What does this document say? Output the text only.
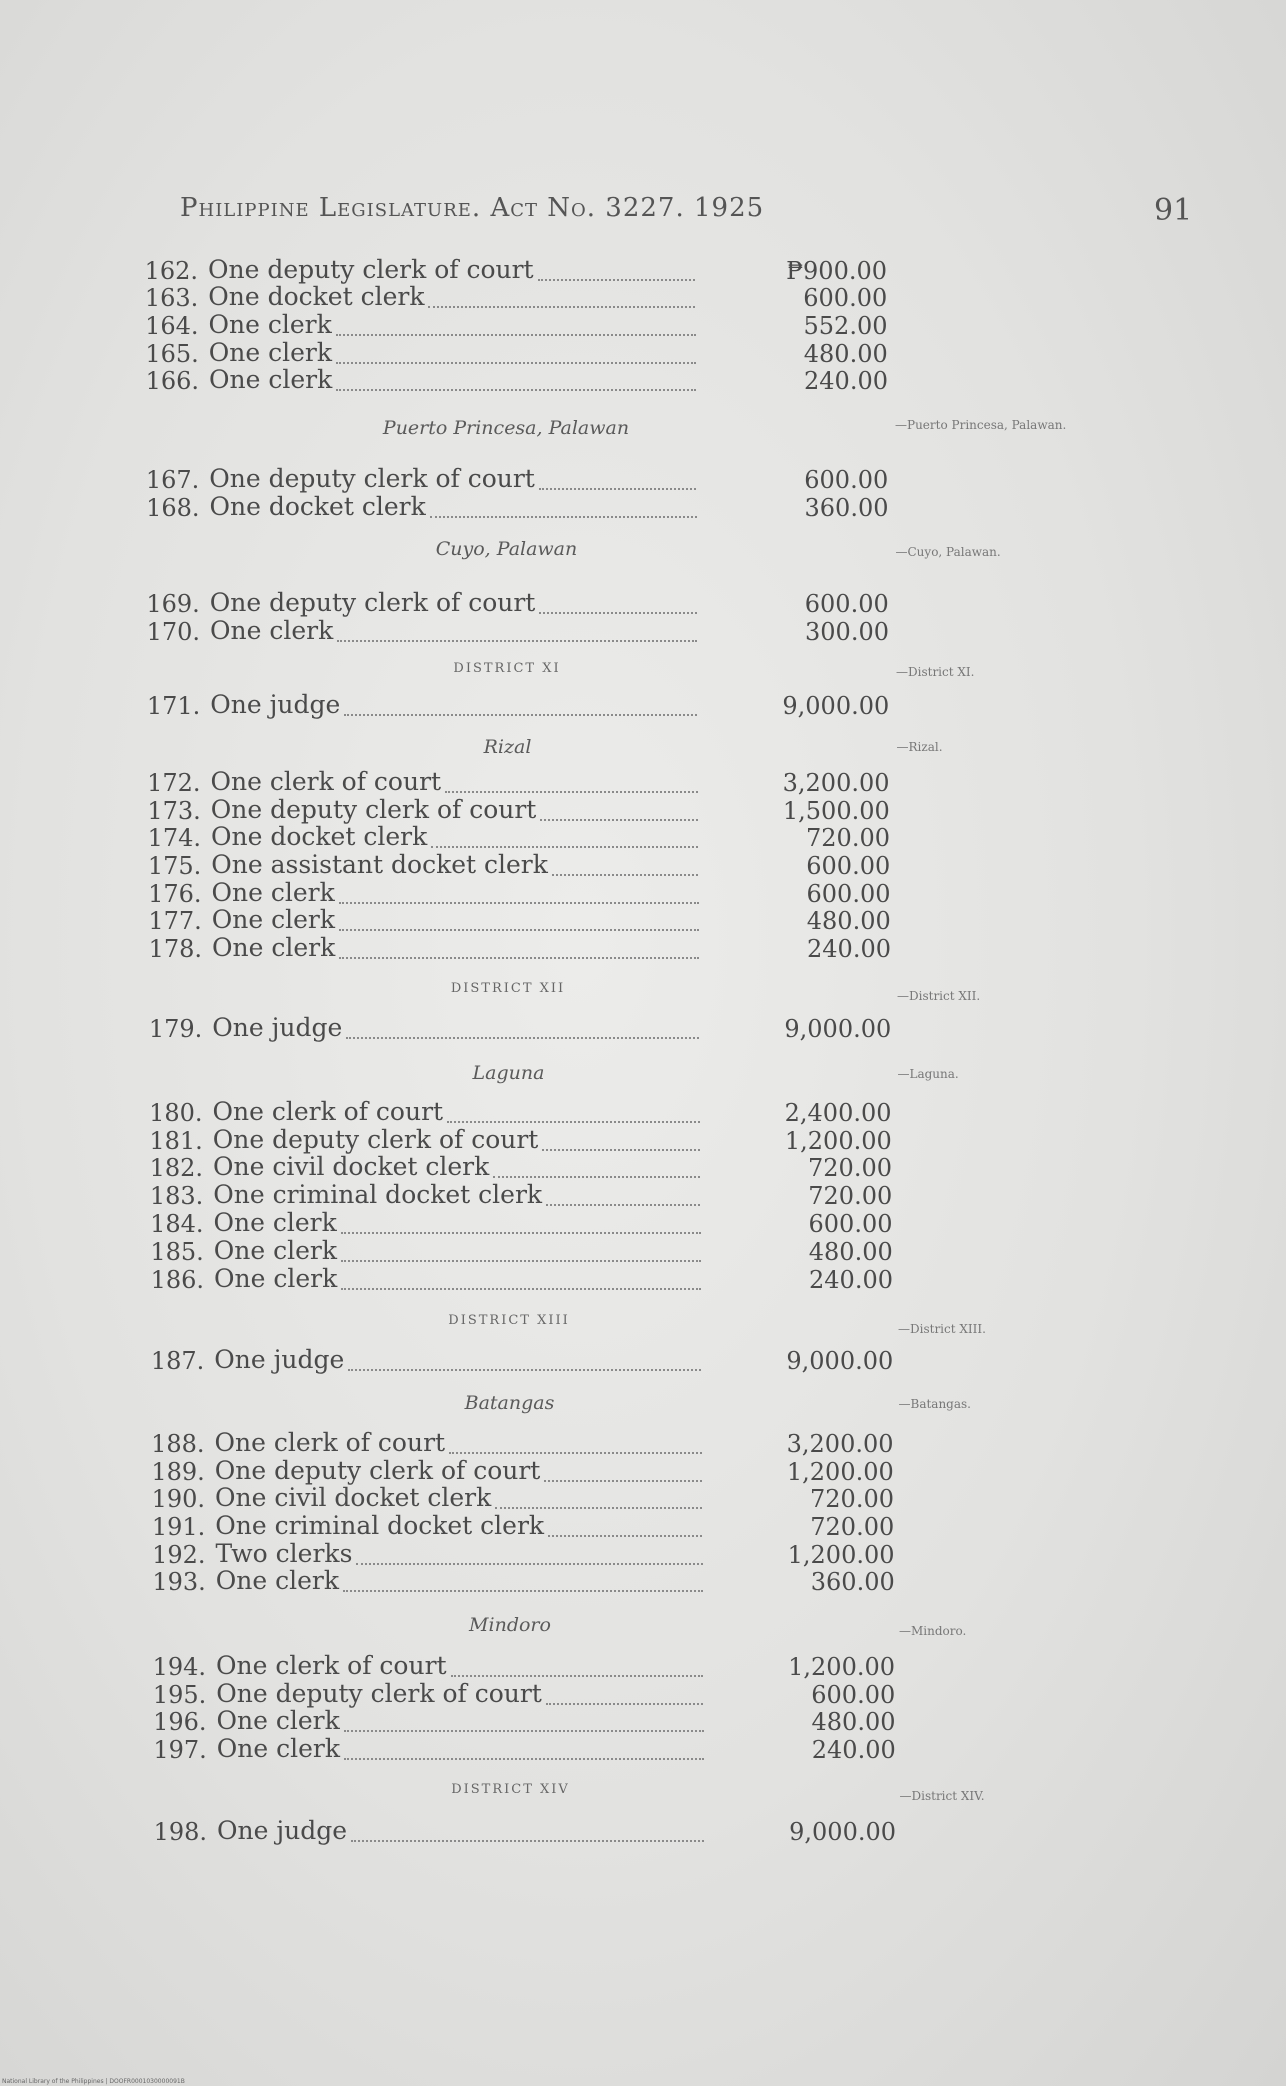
Philippine Legislature. Act No. 3227. 1925	91
162. One deputy clerk of court	₱900.00
163. One docket clerk	600.00
164. One clerk	552.00
165. One clerk	480.00
166. One clerk	240.00
167. One deputy clerk of court	600.00
168. One docket clerk	360.00
169. One deputy clerk of court	600.00
170. One clerk	300.00
171. One judge	9,000.00
172. One clerk of court	3,200.00
173. One deputy clerk of court	1,500.00
174. One docket clerk	720.00
175. One assistant docket clerk	600.00
176. One clerk	600.00
177. One clerk	480.00
178. One clerk	240.00
179. One judge	9,000.00
180. One clerk of court	2,400.00
181. One deputy clerk of court	1,200.00
182. One civil docket clerk	720.00
183. One criminal docket clerk	720.00
184. One clerk	600.00
185. One clerk	480.00
186. One clerk	240.00
187. One judge	9,000.00
188. One clerk of court	3,200.00
189. One deputy clerk of court	1,200.00
190. One civil docket clerk	720.00
191. One criminal docket clerk	720.00
192. Two clerks	1,200.00
193. One clerk	360.00
194. One clerk of court	1,200.00
195. One deputy clerk of court	600.00
196. One clerk	480.00
197. One clerk	240.00
198. One judge	9,000.00
Puerto Princesa, Palawan
Cuyo, Palawan
DISTRICT XI
Rizal
DISTRICT XII
Laguna
DISTRICT XIII
Batangas
Mindoro
DISTRICT XIV
—Puerto Princesa, Palawan.
—Cuyo, Palawan.
—District XI.
—Rizal.
—District XII.
—Laguna.
—District XIII.
—Batangas.
—Mindoro.
—District XIV.
National Library of the Philippines | DOOFR0001030000091B
